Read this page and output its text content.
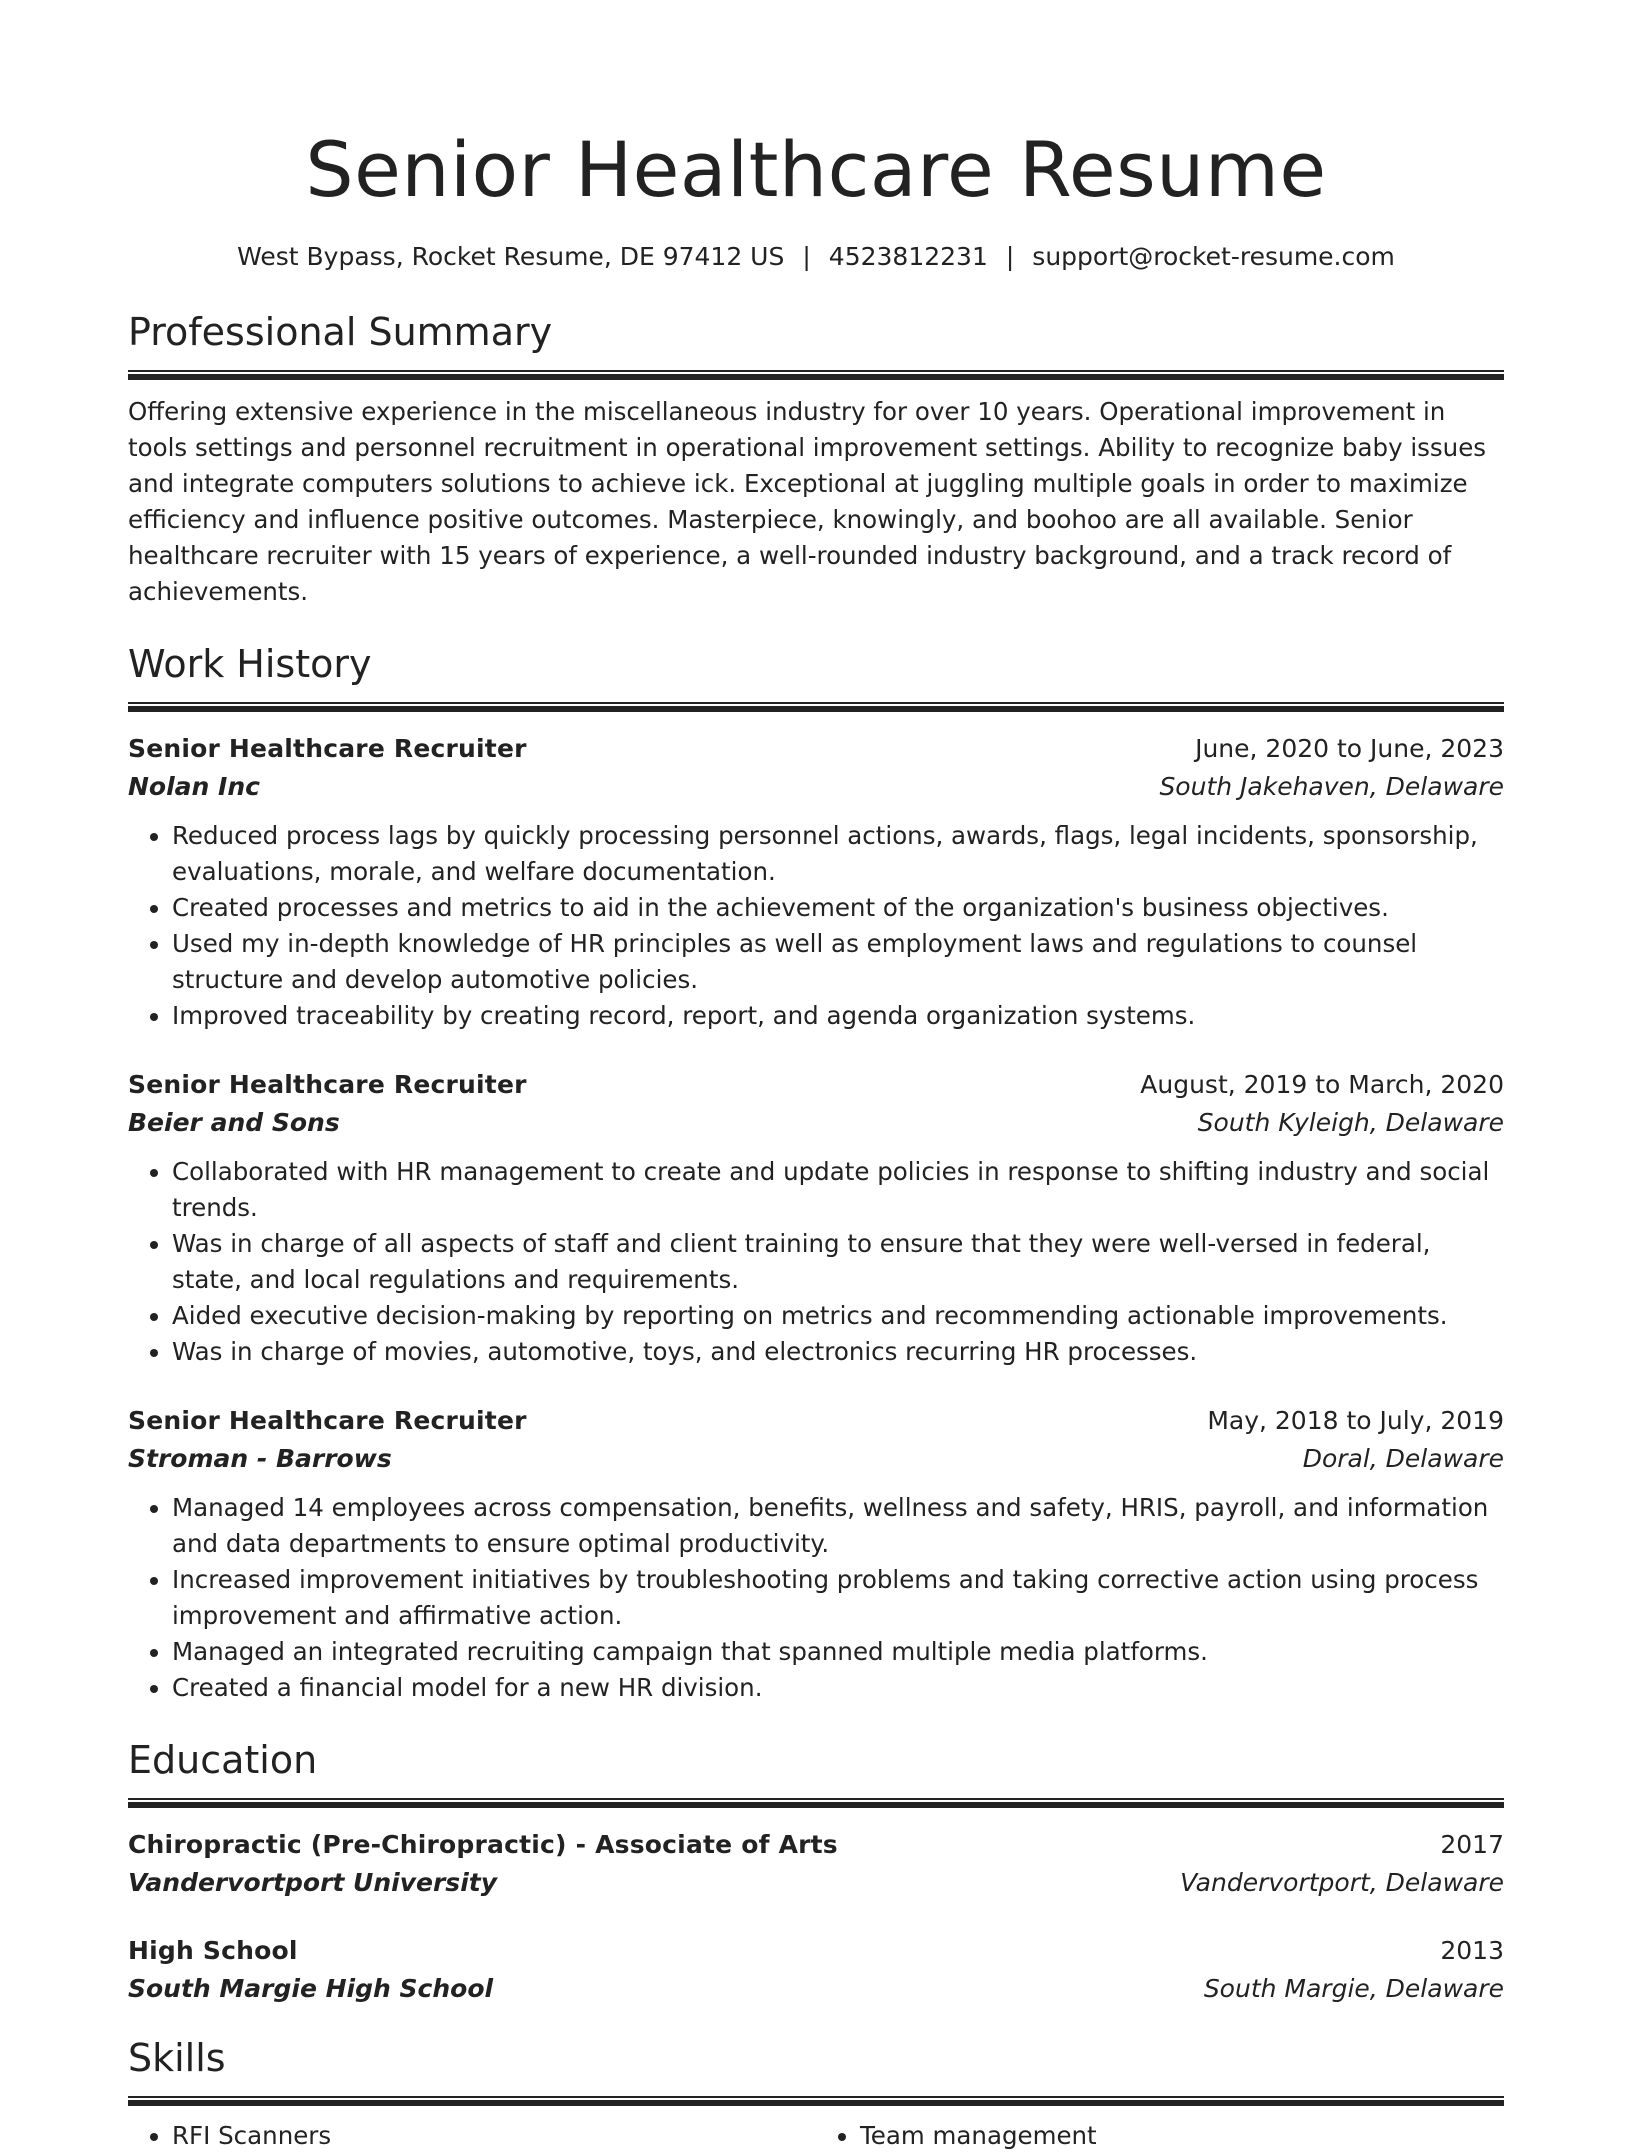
Senior Healthcare Resume
West Bypass, Rocket Resume, DE 97412 US | 4523812231 | support@rocket-resume.com
Professional Summary

Offering extensive experience in the miscellaneous industry for over 10 years. Operational improvement in tools settings and personnel recruitment in operational improvement settings. Ability to recognize baby issues and integrate computers solutions to achieve ick. Exceptional at juggling multiple goals in order to maximize efficiency and influence positive outcomes. Masterpiece, knowingly, and boohoo are all available. Senior healthcare recruiter with 15 years of experience, a well-rounded industry background, and a track record of achievements.

Work History
Senior Healthcare Recruiter	June, 2020 to June, 2023
Nolan Inc	South Jakehaven, Delaware
• Reduced process lags by quickly processing personnel actions, awards, flags, legal incidents, sponsorship, evaluations, morale, and welfare documentation.
• Created processes and metrics to aid in the achievement of the organization's business objectives.
• Used my in-depth knowledge of HR principles as well as employment laws and regulations to counsel structure and develop automotive policies.
• Improved traceability by creating record, report, and agenda organization systems.
Senior Healthcare Recruiter	August, 2019 to March, 2020
Beier and Sons	South Kyleigh, Delaware
• Collaborated with HR management to create and update policies in response to shifting industry and social trends.
• Was in charge of all aspects of staff and client training to ensure that they were well-versed in federal, state, and local regulations and requirements.
• Aided executive decision-making by reporting on metrics and recommending actionable improvements.
• Was in charge of movies, automotive, toys, and electronics recurring HR processes.
Senior Healthcare Recruiter	May, 2018 to July, 2019
Stroman - Barrows	Doral, Delaware
• Managed 14 employees across compensation, benefits, wellness and safety, HRIS, payroll, and information and data departments to ensure optimal productivity.
• Increased improvement initiatives by troubleshooting problems and taking corrective action using process improvement and affirmative action.
• Managed an integrated recruiting campaign that spanned multiple media platforms.
• Created a financial model for a new HR division.
Education
Chiropractic (Pre-Chiropractic) - Associate of Arts	2017
Vandervortport University	Vandervortport, Delaware
High School	2013
South Margie High School	South Margie, Delaware
Skills
• RFI Scanners
•	Team management
